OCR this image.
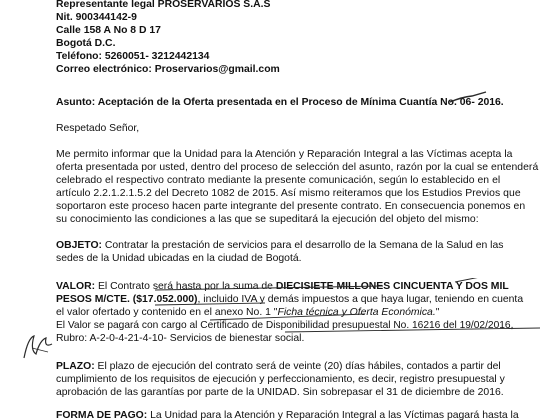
Representante legal PROSERVARIOS S.A.S
Nit. 900344142-9
Calle 158 A No 8 D 17
Bogotá D.C.
Teléfono: 5260051- 3212442134
Correo electrónico: Proservarios@gmail.com
Asunto: Aceptación de la Oferta presentada en el Proceso de Mínima Cuantía No. 06- 2016.
Respetado Señor,
Me permito informar que la Unidad para la Atención y Reparación Integral a las Víctimas acepta la
oferta presentada por usted, dentro del proceso de selección del asunto, razón por la cual se entenderá
celebrado el respectivo contrato mediante la presente comunicación, según lo establecido en el
artículo 2.2.1.2.1.5.2 del Decreto 1082 de 2015. Así mismo reiteramos que los Estudios Previos que
soportaron este proceso hacen parte integrante del presente contrato. En consecuencia ponemos en
su conocimiento las condiciones a las que se supeditará la ejecución del objeto del mismo:
OBJETO: Contratar la prestación de servicios para el desarrollo de la Semana de la Salud en las
sedes de la Unidad ubicadas en la ciudad de Bogotá.
VALOR: El Contrato será hasta por la suma de DIECISIETE MILLONES CINCUENTA Y DOS MIL
PESOS M/CTE. ($17.052.000), incluido IVA y demás impuestos a que haya lugar, teniendo en cuenta
el valor ofertado y contenido en el anexo No. 1 "Ficha técnica y Oferta Económica."
El Valor se pagará con cargo al Certificado de Disponibilidad presupuestal No. 16216 del 19/02/2016,
Rubro: A-2-0-4-21-4-10- Servicios de bienestar social.
PLAZO: El plazo de ejecución del contrato será de veinte (20) días hábiles, contados a partir del
cumplimiento de los requisitos de ejecución y perfeccionamiento, es decir, registro presupuestal y
aprobación de las garantías por parte de la UNIDAD. Sin sobrepasar el 31 de diciembre de 2016.
FORMA DE PAGO: La Unidad para la Atención y Reparación Integral a las Víctimas pagará hasta la
